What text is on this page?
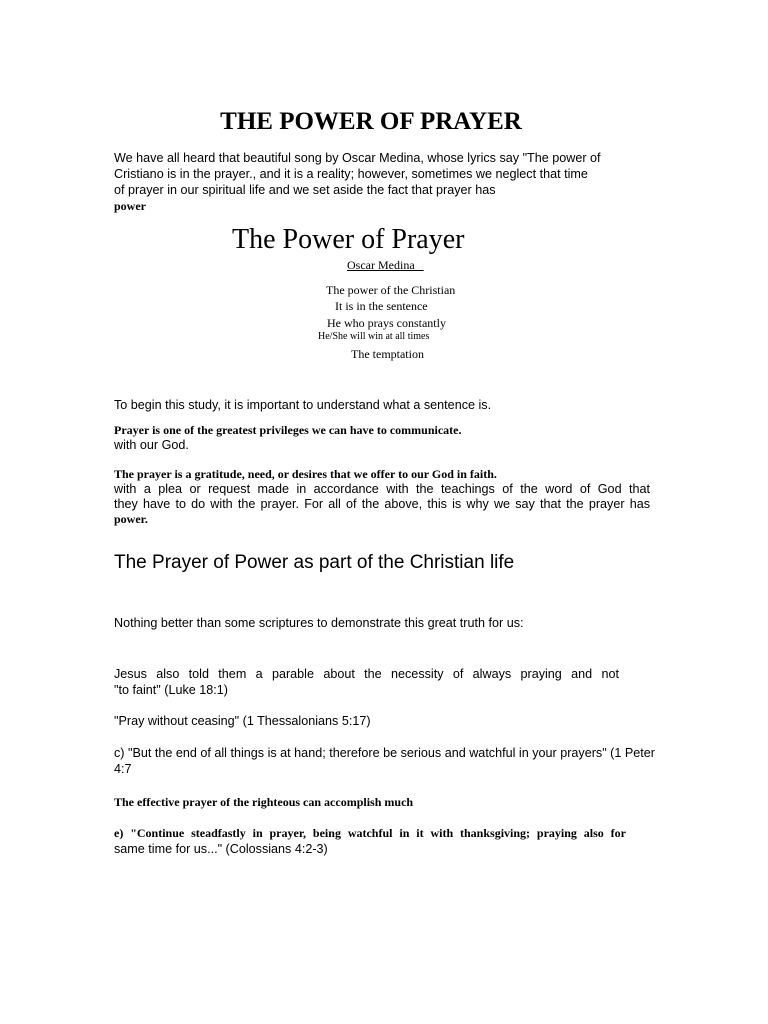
THE POWER OF PRAYER
We have all heard that beautiful song by Oscar Medina, whose lyrics say "The power of
Cristiano is in the prayer., and it is a reality; however, sometimes we neglect that time
of prayer in our spiritual life and we set aside the fact that prayer has
power
The Power of Prayer
Oscar Medina
The power of the Christian
It is in the sentence
He who prays constantly
He/She will win at all times
The temptation
To begin this study, it is important to understand what a sentence is.
Prayer is one of the greatest privileges we can have to communicate.
with our God.
The prayer is a gratitude, need, or desires that we offer to our God in faith.
with a plea or request made in accordance with the teachings of the word of God that
they have to do with the prayer. For all of the above, this is why we say that the prayer has
power.
The Prayer of Power as part of the Christian life
Nothing better than some scriptures to demonstrate this great truth for us:
Jesus also told them a parable about the necessity of always praying and not
"to faint" (Luke 18:1)
"Pray without ceasing" (1 Thessalonians 5:17)
c) "But the end of all things is at hand; therefore be serious and watchful in your prayers" (1 Peter
4:7
The effective prayer of the righteous can accomplish much
e) "Continue steadfastly in prayer, being watchful in it with thanksgiving; praying also for
same time for us..." (Colossians 4:2-3)
